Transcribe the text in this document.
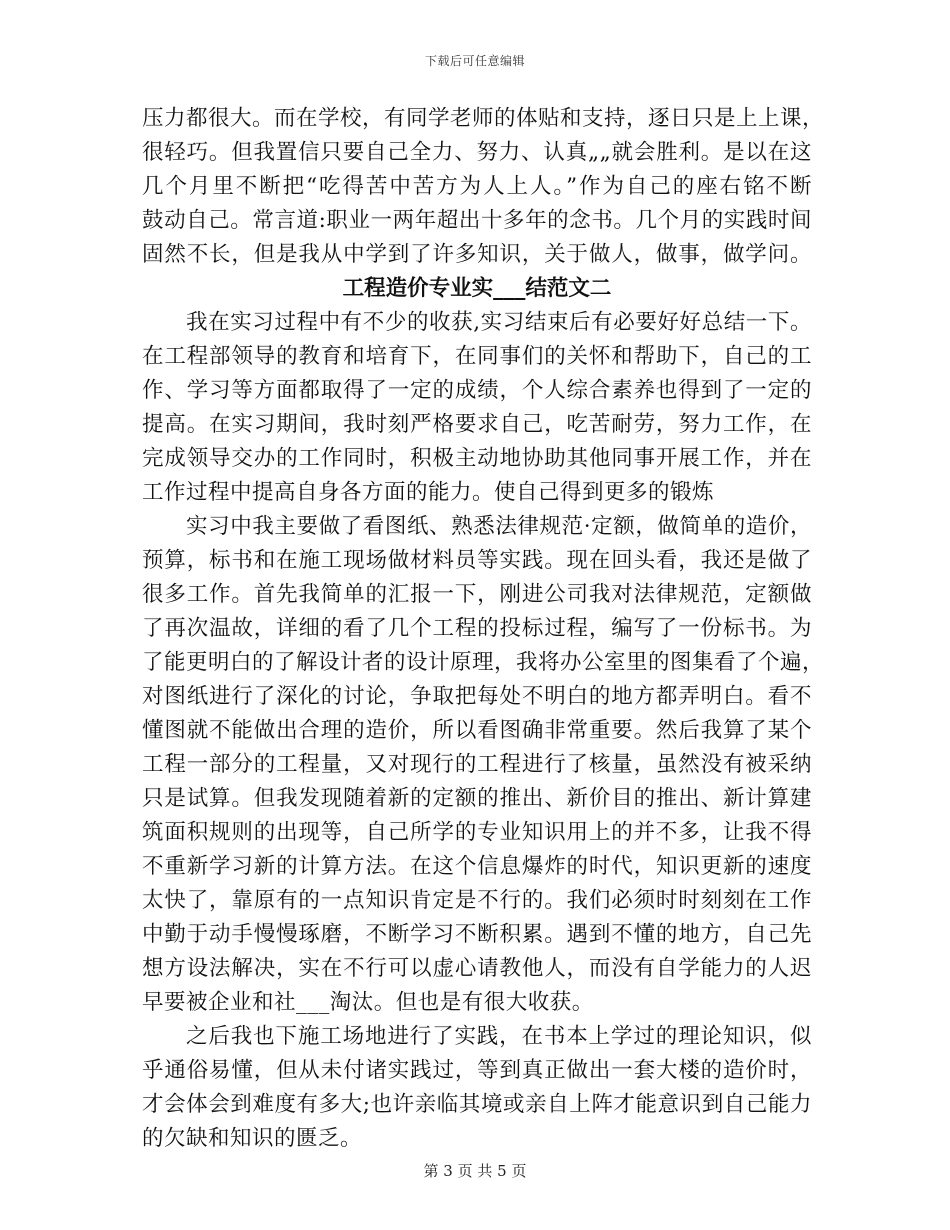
下载后可任意编辑
压力都很大。而在学校，有同学老师的体贴和支持，逐日只是上上课，
很轻巧。但我置信只要自己全力、努力、认真„„就会胜利。是以在这
几个月里不断把“吃得苦中苦方为人上人。”作为自己的座右铭不断
鼓动自己。常言道:职业一两年超出十多年的念书。几个月的实践时间
固然不长，但是我从中学到了许多知识，关于做人，做事，做学问。
工程造价专业实___结范文二
我在实习过程中有不少的收获,实习结束后有必要好好总结一下。
在工程部领导的教育和培育下，在同事们的关怀和帮助下，自己的工
作、学习等方面都取得了一定的成绩，个人综合素养也得到了一定的
提高。在实习期间，我时刻严格要求自己，吃苦耐劳，努力工作，在
完成领导交办的工作同时，积极主动地协助其他同事开展工作，并在
工作过程中提高自身各方面的能力。使自己得到更多的锻炼
实习中我主要做了看图纸、熟悉法律规范·定额，做简单的造价，
预算，标书和在施工现场做材料员等实践。现在回头看，我还是做了
很多工作。首先我简单的汇报一下，刚进公司我对法律规范，定额做
了再次温故，详细的看了几个工程的投标过程，编写了一份标书。为
了能更明白的了解设计者的设计原理，我将办公室里的图集看了个遍，
对图纸进行了深化的讨论，争取把每处不明白的地方都弄明白。看不
懂图就不能做出合理的造价，所以看图确非常重要。然后我算了某个
工程一部分的工程量，又对现行的工程进行了核量，虽然没有被采纳
只是试算。但我发现随着新的定额的推出、新价目的推出、新计算建
筑面积规则的出现等，自己所学的专业知识用上的并不多，让我不得
不重新学习新的计算方法。在这个信息爆炸的时代，知识更新的速度
太快了，靠原有的一点知识肯定是不行的。我们必须时时刻刻在工作
中勤于动手慢慢琢磨，不断学习不断积累。遇到不懂的地方，自己先
想方设法解决，实在不行可以虚心请教他人，而没有自学能力的人迟
早要被企业和社___淘汰。但也是有很大收获。
之后我也下施工场地进行了实践，在书本上学过的理论知识，似
乎通俗易懂，但从未付诸实践过，等到真正做出一套大楼的造价时，
才会体会到难度有多大;也许亲临其境或亲自上阵才能意识到自己能力
的欠缺和知识的匮乏。
第 3 页 共 5 页
